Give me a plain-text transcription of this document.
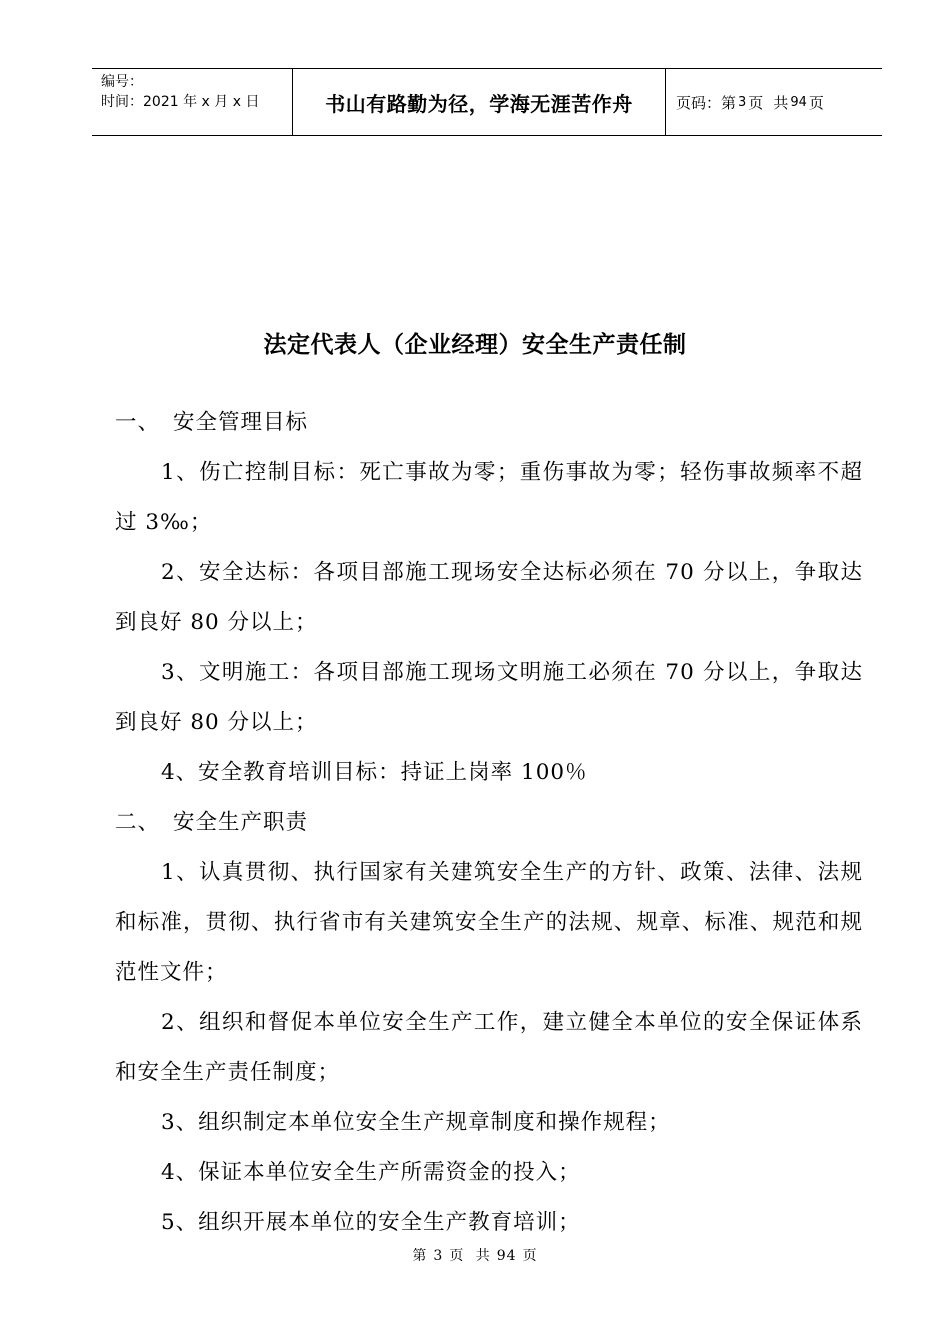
编号：
时间：2021 年 x 月 x 日	书山有路勤为径，学海无涯苦作舟	页码：第 3 页 共 94 页
法定代表人（企业经理）安全生产责任制

一、 安全管理目标

1、伤亡控制目标：死亡事故为零；重伤事故为零；轻伤事故频率不超过 3‰；

2、安全达标：各项目部施工现场安全达标必须在 70 分以上，争取达到良好 80 分以上；

3、文明施工：各项目部施工现场文明施工必须在 70 分以上，争取达到良好 80 分以上；

4、安全教育培训目标：持证上岗率 100％

二、 安全生产职责

1、认真贯彻、执行国家有关建筑安全生产的方针、政策、法律、法规和标准，贯彻、执行省市有关建筑安全生产的法规、规章、标准、规范和规范性文件；

2、组织和督促本单位安全生产工作，建立健全本单位的安全保证体系和安全生产责任制度；

3、组织制定本单位安全生产规章制度和操作规程；

4、保证本单位安全生产所需资金的投入；

5、组织开展本单位的安全生产教育培训；

第 3 页 共 94 页
